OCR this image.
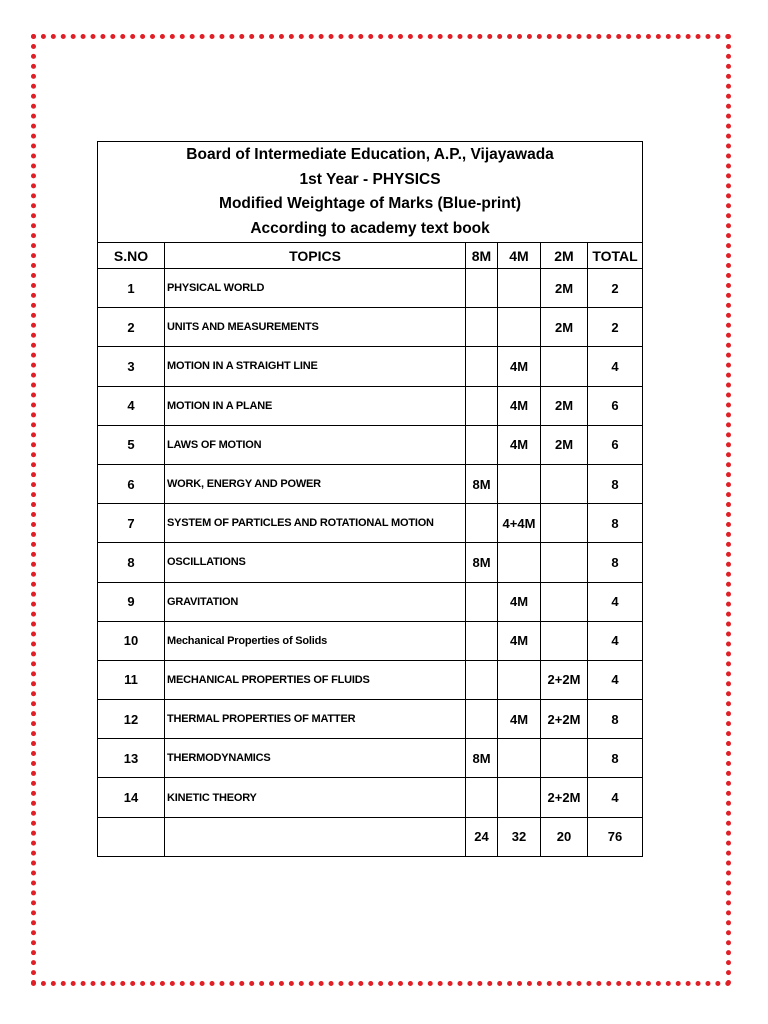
Board of Intermediate Education, A.P., Vijayawada
1st Year - PHYSICS
Modified Weightage of Marks (Blue-print)
According to academy text book					

S.NO	TOPICS	8M	4M	2M	TOTAL
1	PHYSICAL WORLD			2M	2
2	UNITS AND MEASUREMENTS			2M	2
3	MOTION IN A STRAIGHT LINE		4M		4
4	MOTION IN A PLANE		4M	2M	6
5	LAWS OF MOTION		4M	2M	6
6	WORK, ENERGY AND POWER	8M			8
7	SYSTEM OF PARTICLES AND ROTATIONAL MOTION		4+4M		8
8	OSCILLATIONS	8M			8
9	GRAVITATION		4M		4
10	Mechanical Properties of Solids		4M		4
11	MECHANICAL PROPERTIES OF FLUIDS			2+2M	4
12	THERMAL PROPERTIES OF MATTER		4M	2+2M	8
13	THERMODYNAMICS	8M			8
14	KINETIC THEORY			2+2M	4
		24	32	20	76
